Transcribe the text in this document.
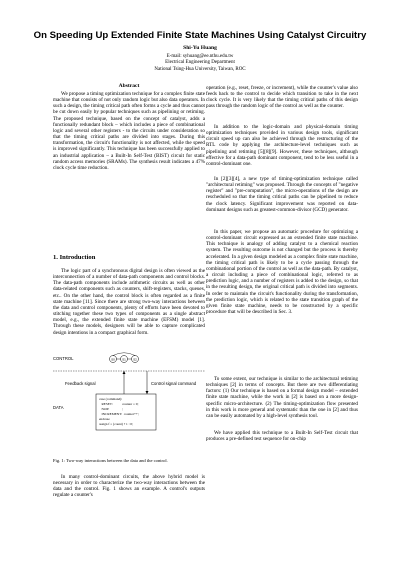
On Speeding Up Extended Finite State Machines Using Catalyst Circuitry
Shi-Yu Huang
E-mail: syhuang@ee.nthu.edu.tw
Electrical Engineering Department
National Tsing-Hua University, Taiwan, ROC
Abstract

We propose a timing optimization technique for a complex finite state machine that consists of not only random logic but also data operators. In such a design, the timing critical path often forms a cycle and thus cannot be cut down easily by popular techniques such as pipelining or retiming. The proposed technique, based on the concept of catalyst, adds a functionally redundant block – which includes a piece of combinational logic and several other registers - to the circuits under consideration so that the timing critical paths are divided into stages. During this transformation, the circuit's functionality is not affected, while the speed is improved significantly. This technique has been successfully applied to an industrial application – a Built-In Self-Test (BIST) circuit for static random access memories (SRAMs). The synthesis result indicates a 47% clock cycle time reduction.

1. Introduction

The logic part of a synchronous digital design is often viewed as the interconnection of a number of data-path components and control blocks. The data-path components include arithmetic circuits as well as other data-related components such as counters, shift-registers, stacks, queues, etc.. On the other hand, the control block is often regarded as a finite state machine [11]. Since there are strong two-way interactions between the data and control components, plenty of efforts have been devoted to stitching together these two types of components as a single abstract model, e.g., the extended finite state machine (EFSM) model [1]. Through these models, designers will be able to capture complicated design intentions in a compact graphical form.

CONTROL	S0 S1 S2
Feedback signal	Control signal command
DATA
case (command):
RESET:           counter = 0;
NOP:               ;
INCREMENT:  counter++;
endcase
assign f = (count) ? 1 : 0;
Fig. 1: Two-way interactions between the data and the control.

In many control-dominant circuits, the above hybrid model is necessary in order to characterize the two-way interactions between the data and the control. Fig. 1 shows an example. A control's outputs regulate a counter's

operation (e.g., reset, freeze, or increment), while the counter's value also feeds back to the control to decide which transition to take in the next clock cycle. It is very likely that the timing critical paths of this design pass through the random logic of the control as well as the counter.

In addition to the logic-domain and physical-domain timing optimization techniques provided in various design tools, significant circuit speed up can also be achieved through the restructuring of the RTL code by applying the architecture-level techniques such as pipelining and retiming [5][8][9]. However, these techniques, although effective for a data-path dominant component, tend to be less useful in a control-dominant one.

In [2][3][4], a new type of timing-optimization technique called "architectural retiming" was proposed. Through the concepts of "negative register" and "pre-computation", the micro-operations of the design are rescheduled so that the timing critical paths can be pipelined to reduce the clock latency. Significant improvement was reported on data-dominant designs such as greatest-common-divisor (GCD) generator.

In this paper, we propose an automatic procedure for optimizing a control-dominant circuit expressed as an extended finite state machine. This technique is analogy of adding catalyst to a chemical reaction system. The resulting outcome is not changed but the process is thereby accelerated. In a given design modeled as a complex finite state machine, the timing critical path is likely to be a cycle passing through the combinational portion of the control as well as the data-path. By catalyst, a circuit including a piece of combinational logic, referred to as prediction logic, and a number of registers is added to the design, so that in the resulting design, the original critical path is divided into segments. In order to maintain the circuit's functionality during the transformation, the prediction logic, which is related to the state transition graph of the given finite state machine, needs to be constructed by a specific procedure that will be described in Sec. 3.

To some extent, our technique is similar to the architectural retiming techniques [2] in terms of concepts. But there are two differentiating factors: (1) Our technique is based on a formal design model – extended finite state machine, while the work in [2] is based on a more design-specific micro-architecture. (2) The timing-optimization flow presented in this work is more general and systematic than the one in [2] and thus can be easily automated by a high-level synthesis tool.

We have applied this technique to a Built-In Self-Test circuit that produces a pre-defined test sequence for on-chip
